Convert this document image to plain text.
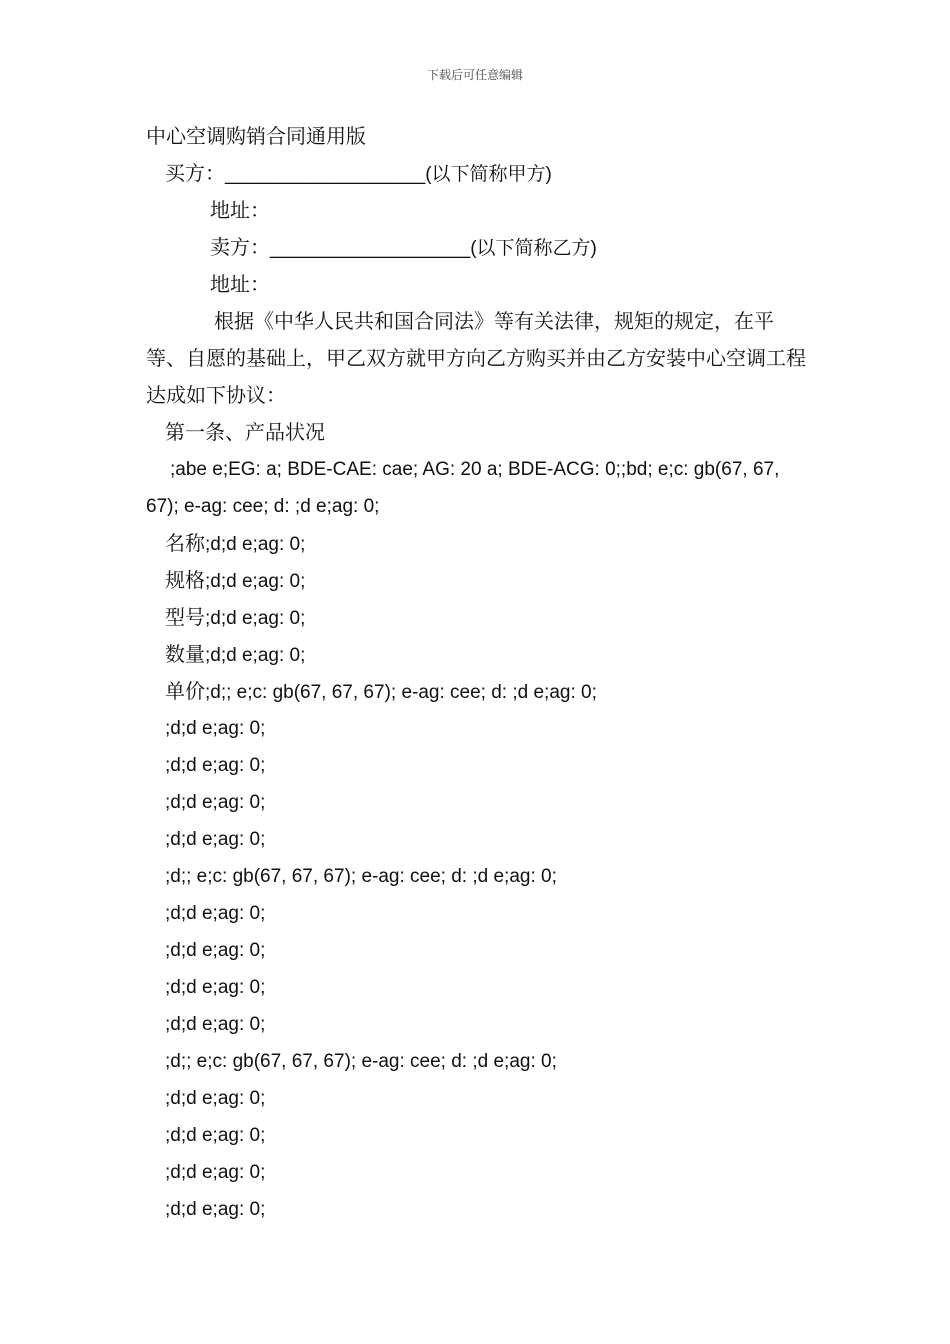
下载后可任意编辑
中心空调购销合同通用版
买方：__________________(以下简称甲方)
地址：
卖方：__________________(以下简称乙方)
地址：
根据《中华人民共和国合同法》等有关法律，规矩的规定，在平等、自愿的基础上，甲乙双方就甲方向乙方购买并由乙方安装中心空调工程达成如下协议：
第一条、产品状况
;abe e;EG: a; BDE-CAE: cae; AG: 20 a; BDE-ACG: 0;;bd; e;c: gb(67, 67, 67); e-ag: cee; d: ;d e;ag: 0;
名称;d;d e;ag: 0;
规格;d;d e;ag: 0;
型号;d;d e;ag: 0;
数量;d;d e;ag: 0;
单价;d;; e;c: gb(67, 67, 67); e-ag: cee; d: ;d e;ag: 0;
;d;d e;ag: 0;
;d;d e;ag: 0;
;d;d e;ag: 0;
;d;d e;ag: 0;
;d;; e;c: gb(67, 67, 67); e-ag: cee; d: ;d e;ag: 0;
;d;d e;ag: 0;
;d;d e;ag: 0;
;d;d e;ag: 0;
;d;d e;ag: 0;
;d;; e;c: gb(67, 67, 67); e-ag: cee; d: ;d e;ag: 0;
;d;d e;ag: 0;
;d;d e;ag: 0;
;d;d e;ag: 0;
;d;d e;ag: 0;
